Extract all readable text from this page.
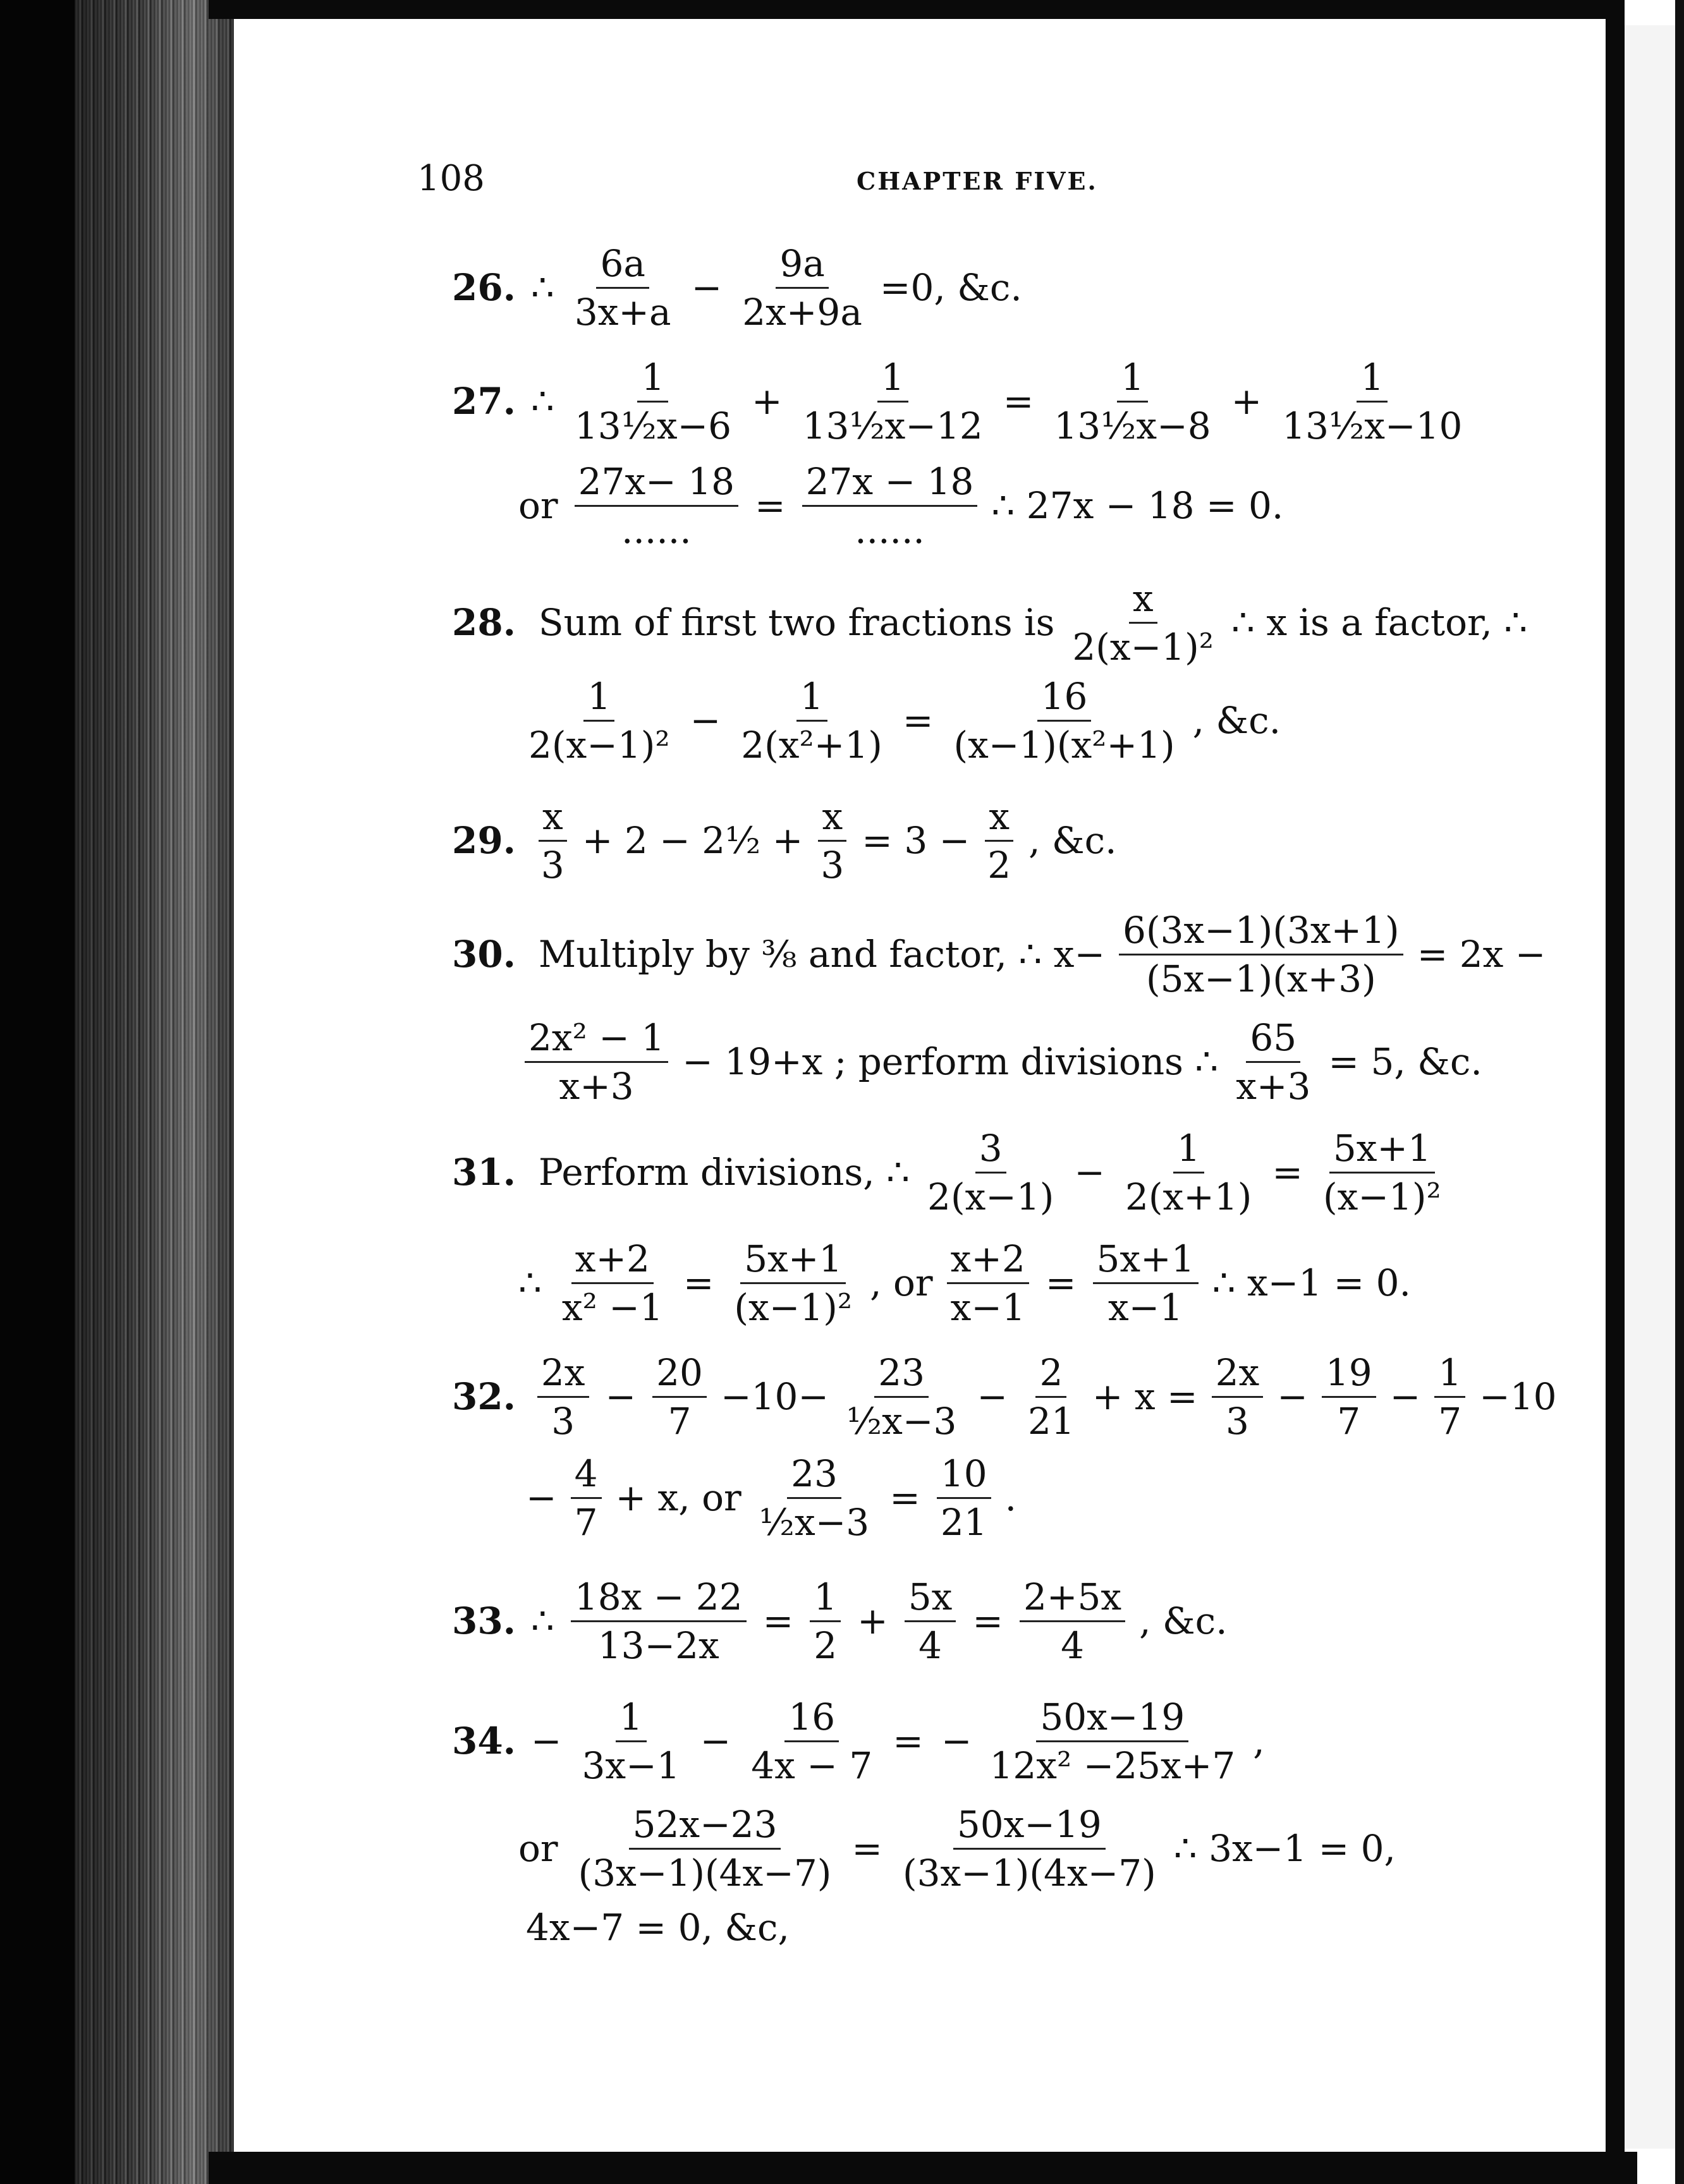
108	CHAPTER FIVE.
26. ∴ $\frac{6a}{3x+a} - \frac{9a}{2x+9a} =0$, &c.
27. ∴ $\frac{1}{\text{13½x−6}} + \frac{1}{\text{13½x−12}} = \frac{1}{\text{13½x−8}} + \frac{1}{\text{13½x−10}}$
or $\frac{27x- 18}{......} = \frac{27x - 18}{......}$ ∴ 27x − 18 = 0.
28. Sum of first two fractions is $\frac{x}{\text{2(x−1)²}}$ ∴ x is a factor, ∴
$\frac{1}{\text{2(x−1)²}} - \frac{1}{\text{2(x²+1)}} = \frac{16}{\text{(x−1)(x²+1)}}$ , &c.
29. $\frac{x}{3} + 2$ − 2½ + $\frac{x}{3} = 3 - \frac{x}{2}$ , &c.
30. Multiply by ⅜ and factor, ∴ $x- \frac{6(3x-1)(3x+1)}{(5x-1)(x+3)} = 2x$ −
$\frac{\text{2x² − 1}}{x+3} - 19+x$ ; perform divisions ∴ $\frac{65}{x+3} = 5$, &c.
31. Perform divisions, ∴ $\frac{3}{2(x-1)} - \frac{1}{2(x+1)} = \frac{5x+1}{\text{(x−1)²}}$
∴ $\frac{x+2}{\text{x² −1}} = \frac{5x+1}{\text{(x−1)²}}$ , or $\frac{x+2}{x-1} = \frac{5x+1}{x-1}$ ∴ x−1 = 0.
32. $\frac{2x}{3} - \frac{20}{7} -10- \frac{23}{\text{½x−3}} - \frac{2}{21} + x = \frac{2x}{3} - \frac{19}{7} - \frac{1}{7} -10$
− $\frac{4}{7} + x$, or $\frac{23}{\text{½x−3}} = \frac{10}{21}$ .
33. ∴ $\frac{18x - 22}{13-2x} = \frac{1}{2} + \frac{5x}{4} = \frac{2+5x}{4}$ , &c.
34. − $\frac{1}{3x-1} - \frac{16}{4x - 7}$ = − $\frac{50x-19}{\text{12x² −25x+7}}$ ,
or $\frac{52x-23}{(3x-1)(4x-7)} = \frac{50x-19}{(3x-1)(4x-7)}$ ∴ 3x−1 = 0,
4x−7 = 0, &c,
